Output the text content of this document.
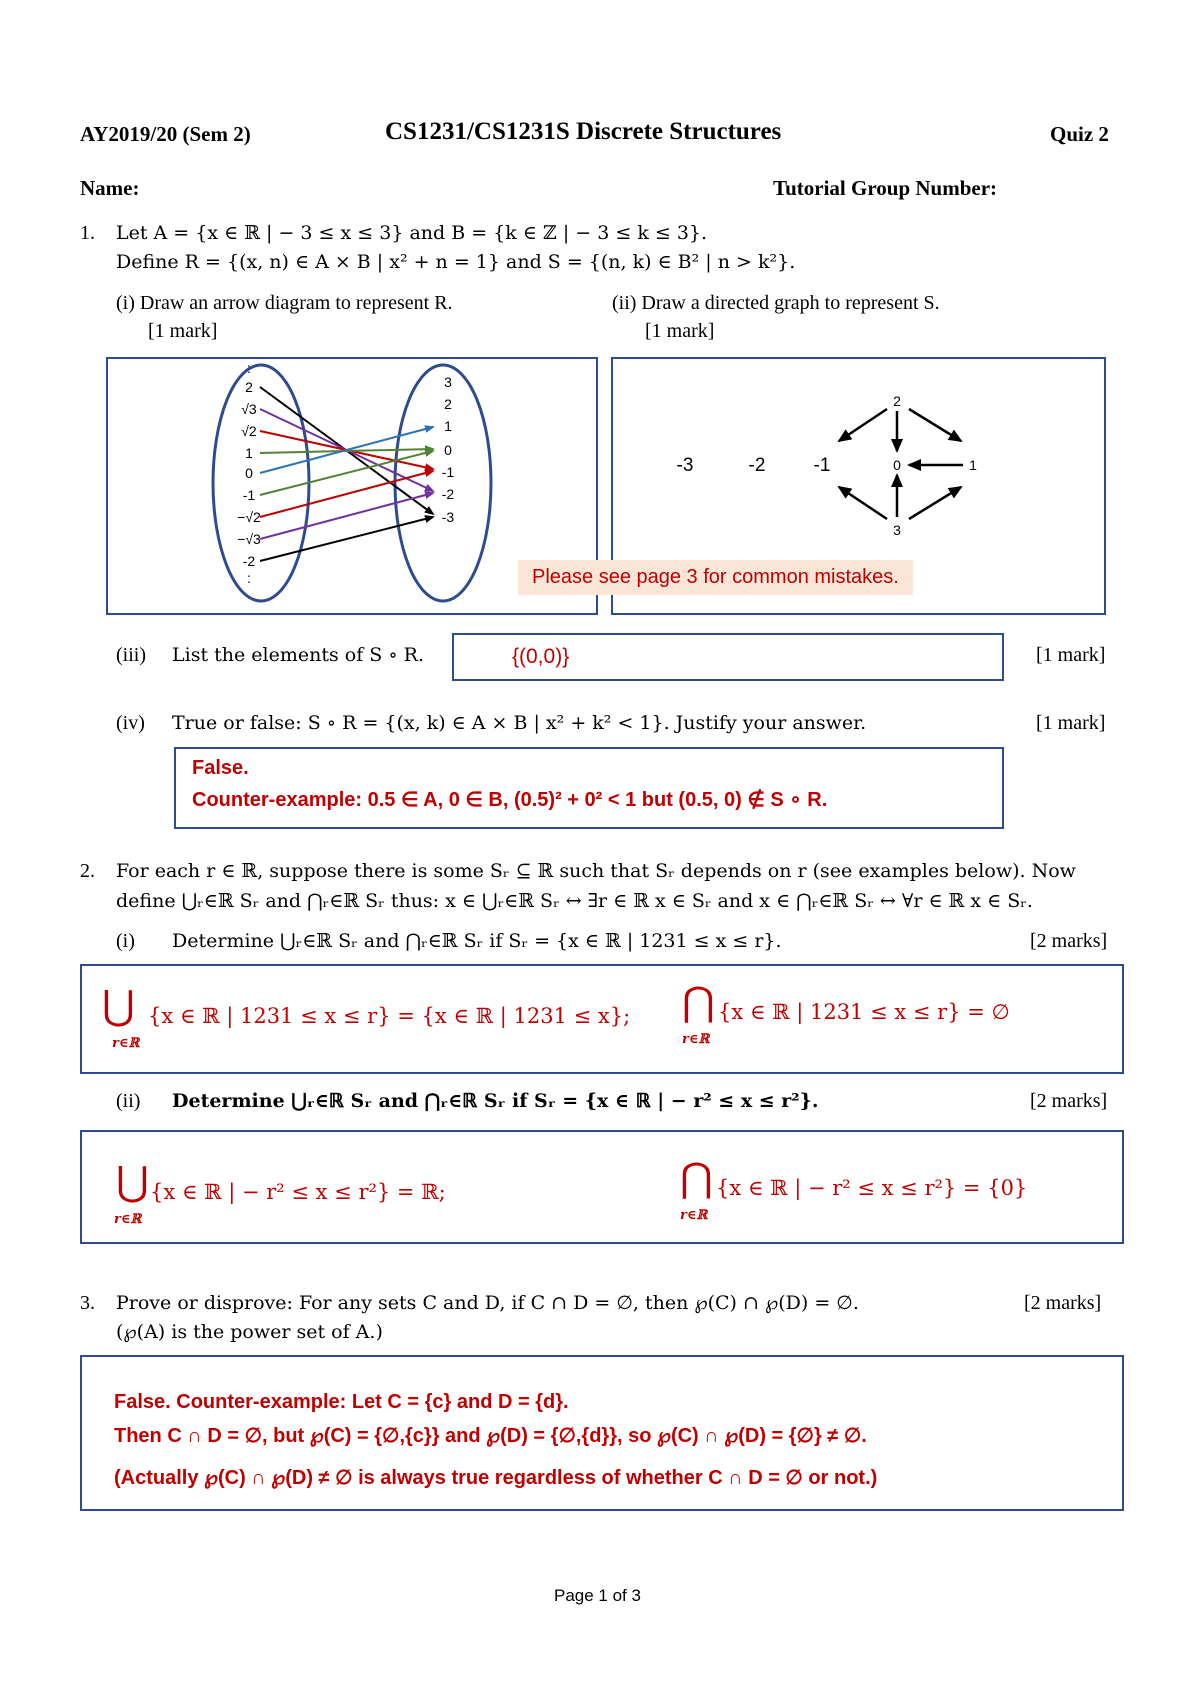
AY2019/20 (Sem 2)	CS1231/CS1231S Discrete Structures	Quiz 2
Name:	Tutorial Group Number:
1. Let A = {x ∈ ℝ | − 3 ≤ x ≤ 3} and B = {k ∈ ℤ | − 3 ≤ k ≤ 3}.
Define R = {(x, n) ∈ A × B | x² + n = 1} and S = {(n, k) ∈ B² | n > k²}.
(i) Draw an arrow diagram to represent R.
[1 mark]
(ii) Draw a directed graph to represent S.
[1 mark]
:
2
√3
√2
1
0
-1
−√2
−√3
-2
:
3
2
1
0
-1
-2
-3
-3	-2	-1
2
0	1
3
Please see page 3 for common mistakes.
(iii) List the elements of S ∘ R.	{(0,0)}	[1 mark]
(iv) True or false: S ∘ R = {(x, k) ∈ A × B | x² + k² < 1}. Justify your answer.	[1 mark]
False.
Counter-example: 0.5 ∈ A, 0 ∈ B, (0.5)² + 0² < 1 but (0.5, 0) ∉ S ∘ R.
2. For each r ∈ ℝ, suppose there is some Sᵣ ⊆ ℝ such that Sᵣ depends on r (see examples below). Now
define ⋃ᵣ∈ℝ Sᵣ and ⋂ᵣ∈ℝ Sᵣ thus: x ∈ ⋃ᵣ∈ℝ Sᵣ ↔ ∃r ∈ ℝ x ∈ Sᵣ and x ∈ ⋂ᵣ∈ℝ Sᵣ ↔ ∀r ∈ ℝ x ∈ Sᵣ.
(i) Determine ⋃ᵣ∈ℝ Sᵣ and ⋂ᵣ∈ℝ Sᵣ if Sᵣ = {x ∈ ℝ | 1231 ≤ x ≤ r}.	[2 marks]
⋃
r∈ℝ
{x ∈ ℝ | 1231 ≤ x ≤ r} = {x ∈ ℝ | 1231 ≤ x}; ⋂
r∈ℝ
{x ∈ ℝ | 1231 ≤ x ≤ r} = ∅
(ii) Determine ⋃ᵣ∈ℝ Sᵣ and ⋂ᵣ∈ℝ Sᵣ if Sᵣ = {x ∈ ℝ | − r² ≤ x ≤ r²}.	[2 marks]
⋃
r∈ℝ
{x ∈ ℝ | − r² ≤ x ≤ r²} = ℝ;	⋂
r∈ℝ
{x ∈ ℝ | − r² ≤ x ≤ r²} = {0}
3. Prove or disprove: For any sets C and D, if C ∩ D = ∅, then ℘(C) ∩ ℘(D) = ∅.	[2 marks]
(℘(A) is the power set of A.)
False. Counter-example: Let C = {c} and D = {d}.
Then C ∩ D = ∅, but ℘(C) = {∅,{c}} and ℘(D) = {∅,{d}}, so ℘(C) ∩ ℘(D) = {∅} ≠ ∅.
(Actually ℘(C) ∩ ℘(D) ≠ ∅ is always true regardless of whether C ∩ D = ∅ or not.)
Page 1 of 3
